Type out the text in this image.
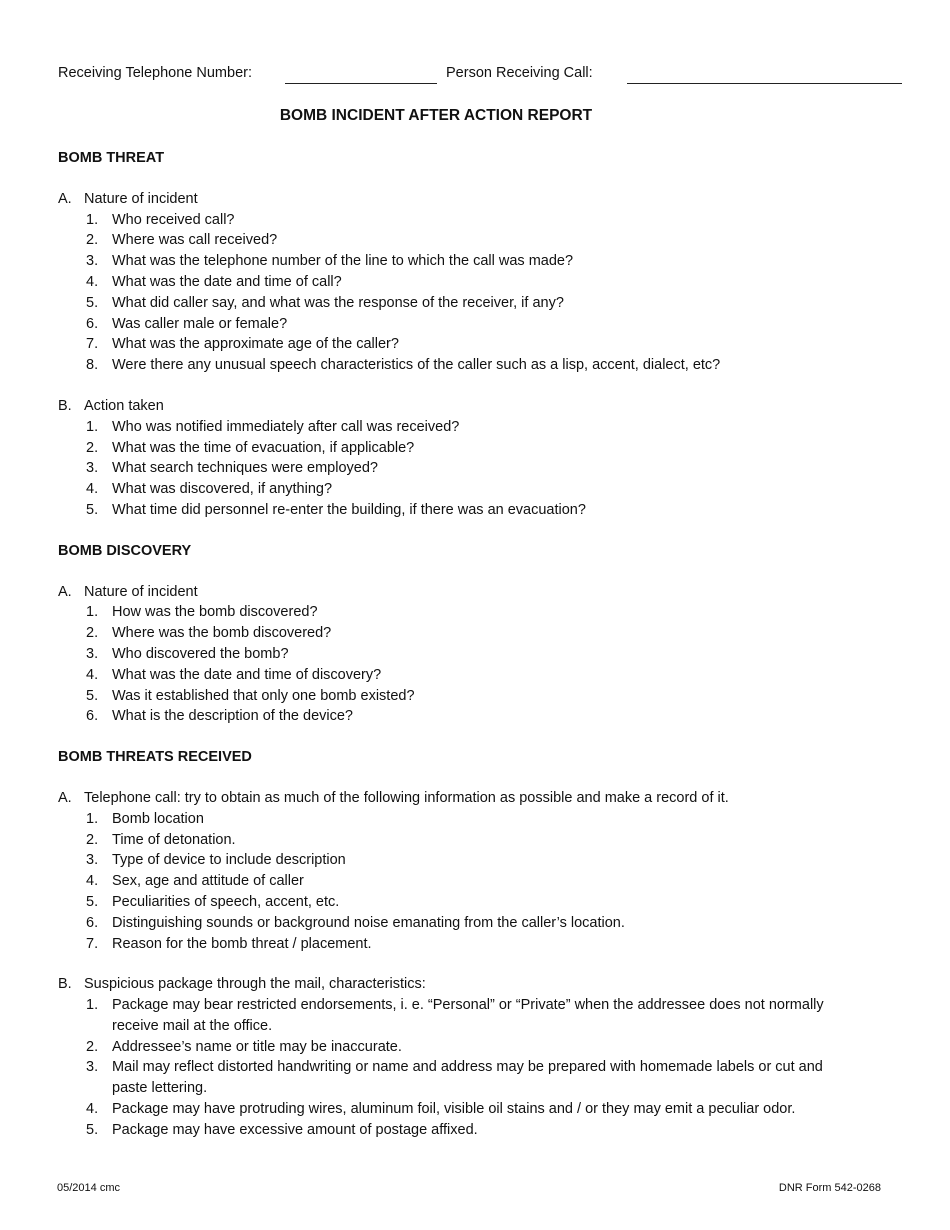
Receiving Telephone Number:	Person Receiving Call:
BOMB INCIDENT AFTER ACTION REPORT
BOMB THREAT
A. Nature of incident
1. Who received call?
2. Where was call received?
3. What was the telephone number of the line to which the call was made?
4. What was the date and time of call?
5. What did caller say, and what was the response of the receiver, if any?
6. Was caller male or female?
7. What was the approximate age of the caller?
8. Were there any unusual speech characteristics of the caller such as a lisp, accent, dialect, etc?
B. Action taken
1. Who was notified immediately after call was received?
2. What was the time of evacuation, if applicable?
3. What search techniques were employed?
4. What was discovered, if anything?
5. What time did personnel re-enter the building, if there was an evacuation?
BOMB DISCOVERY
A. Nature of incident
1. How was the bomb discovered?
2. Where was the bomb discovered?
3. Who discovered the bomb?
4. What was the date and time of discovery?
5. Was it established that only one bomb existed?
6. What is the description of the device?
BOMB THREATS RECEIVED
A. Telephone call: try to obtain as much of the following information as possible and make a record of it.
1. Bomb location
2. Time of detonation.
3. Type of device to include description
4. Sex, age and attitude of caller
5. Peculiarities of speech, accent, etc.
6. Distinguishing sounds or background noise emanating from the caller’s location.
7. Reason for the bomb threat / placement.
B. Suspicious package through the mail, characteristics:
1. Package may bear restricted endorsements, i. e. “Personal” or “Private” when the addressee does not normally receive mail at the office.
2. Addressee’s name or title may be inaccurate.
3. Mail may reflect distorted handwriting or name and address may be prepared with homemade labels or cut and paste lettering.
4. Package may have protruding wires, aluminum foil, visible oil stains and / or they may emit a peculiar odor.
5. Package may have excessive amount of postage affixed.
05/2014 cmc	DNR Form 542-0268
